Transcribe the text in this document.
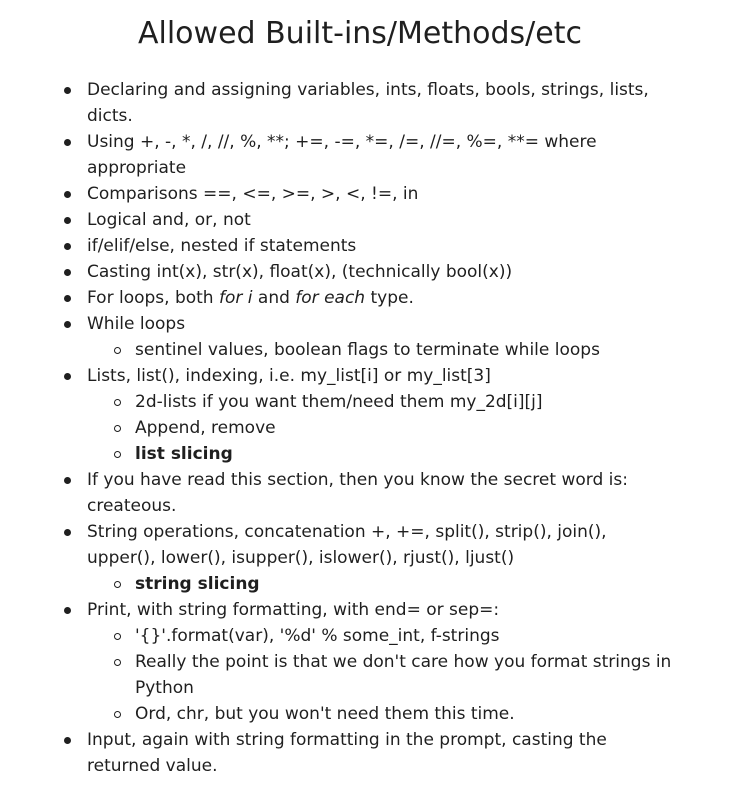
Allowed Built-ins/Methods/etc
Declaring and assigning variables, ints, floats, bools, strings, lists, dicts.
Using +, -, *, /, //, %, **; +=, -=, *=, /=, //=, %=, **= where appropriate
Comparisons ==, <=, >=, >, <, !=, in
Logical and, or, not
if/elif/else, nested if statements
Casting int(x), str(x), float(x), (technically bool(x))
For loops, both for i and for each type.
While loops
sentinel values, boolean flags to terminate while loops
Lists, list(), indexing, i.e. my_list[i] or my_list[3]
2d-lists if you want them/need them my_2d[i][j]
Append, remove
list slicing
If you have read this section, then you know the secret word is: createous.
String operations, concatenation +, +=, split(), strip(), join(), upper(), lower(), isupper(), islower(), rjust(), ljust()
string slicing
Print, with string formatting, with end= or sep=:
'{}'.format(var), '%d' % some_int, f-strings
Really the point is that we don't care how you format strings in Python
Ord, chr, but you won't need them this time.
Input, again with string formatting in the prompt, casting the returned value.
